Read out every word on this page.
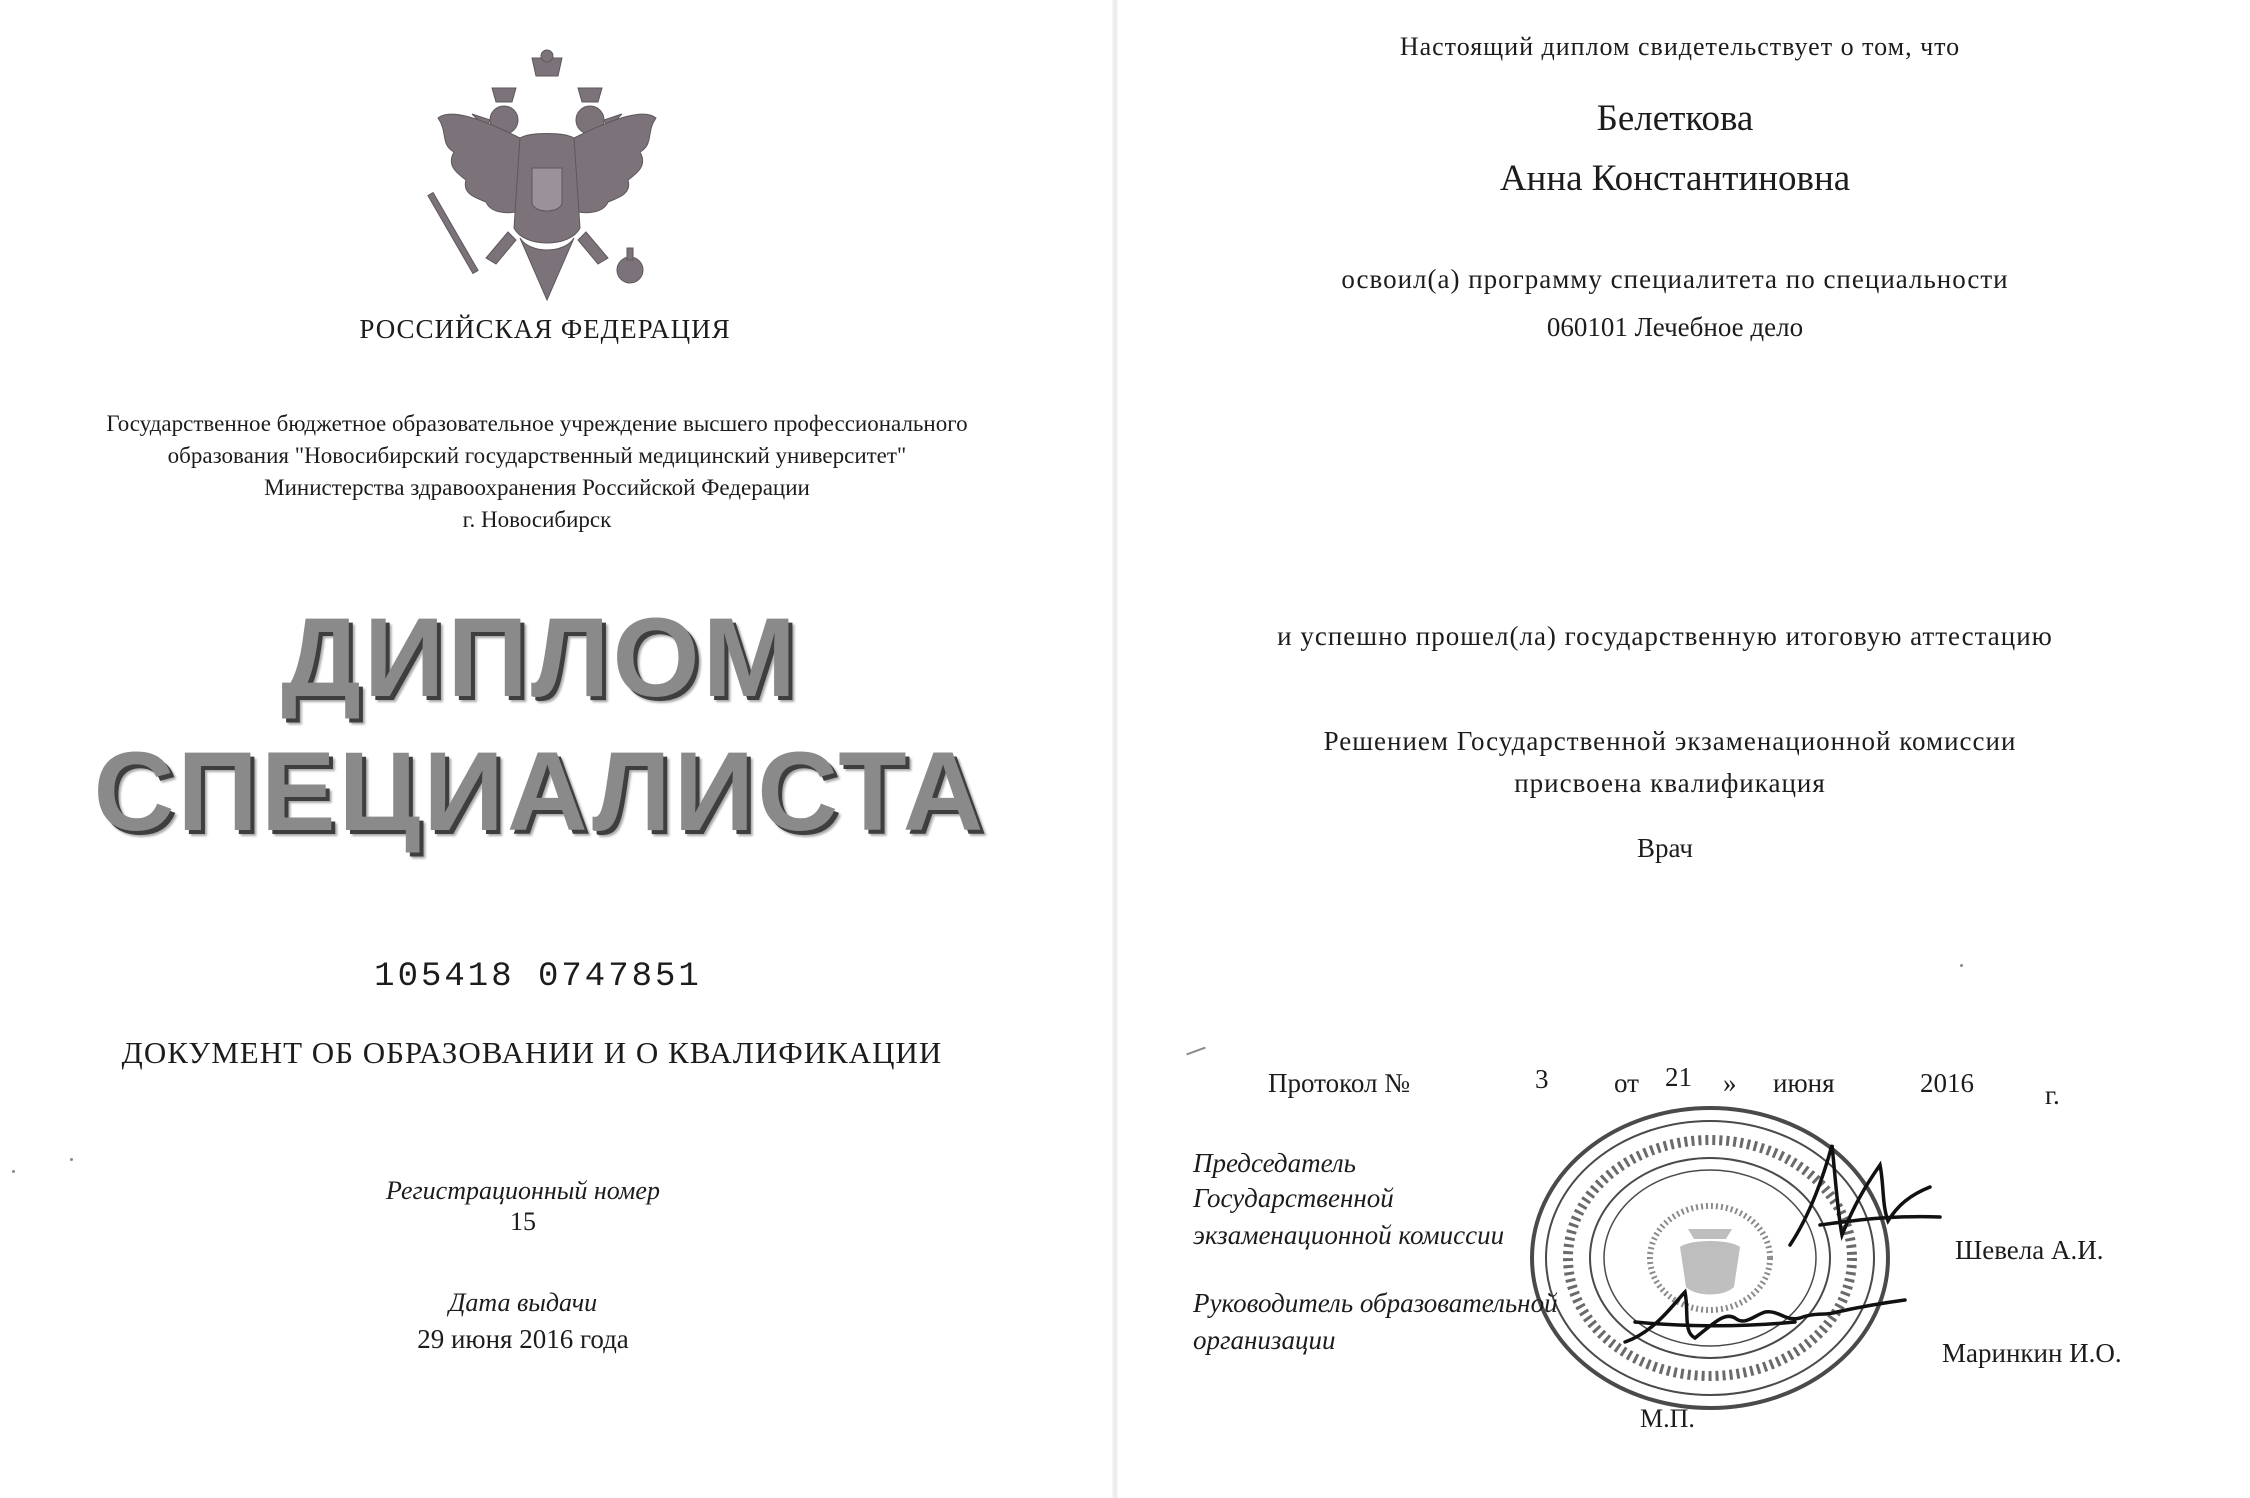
РОССИЙСКАЯ ФЕДЕРАЦИЯ
Государственное бюджетное образовательное учреждение высшего профессионального
образования "Новосибирский государственный медицинский университет"
Министерства здравоохранения Российской Федерации
г. Новосибирск
ДИПЛОМ
СПЕЦИАЛИСТА
105418 0747851
ДОКУМЕНТ ОБ ОБРАЗОВАНИИ И О КВАЛИФИКАЦИИ
Регистрационный номер
15
Дата выдачи
29 июня 2016 года
Настоящий диплом свидетельствует о том, что
Белеткова
Анна Константиновна
освоил(а) программу специалитета по специальности
060101 Лечебное дело
и успешно прошел(ла) государственную итоговую аттестацию
Решением Государственной экзаменационной комиссии
присвоена квалификация
Врач
Протокол №	3 от 21 » июня	2016	г.
Председатель
Государственной
экзаменационной комиссии	Шевела А.И.
Руководитель образовательной
организации	Маринкин И.О.
М.П.
